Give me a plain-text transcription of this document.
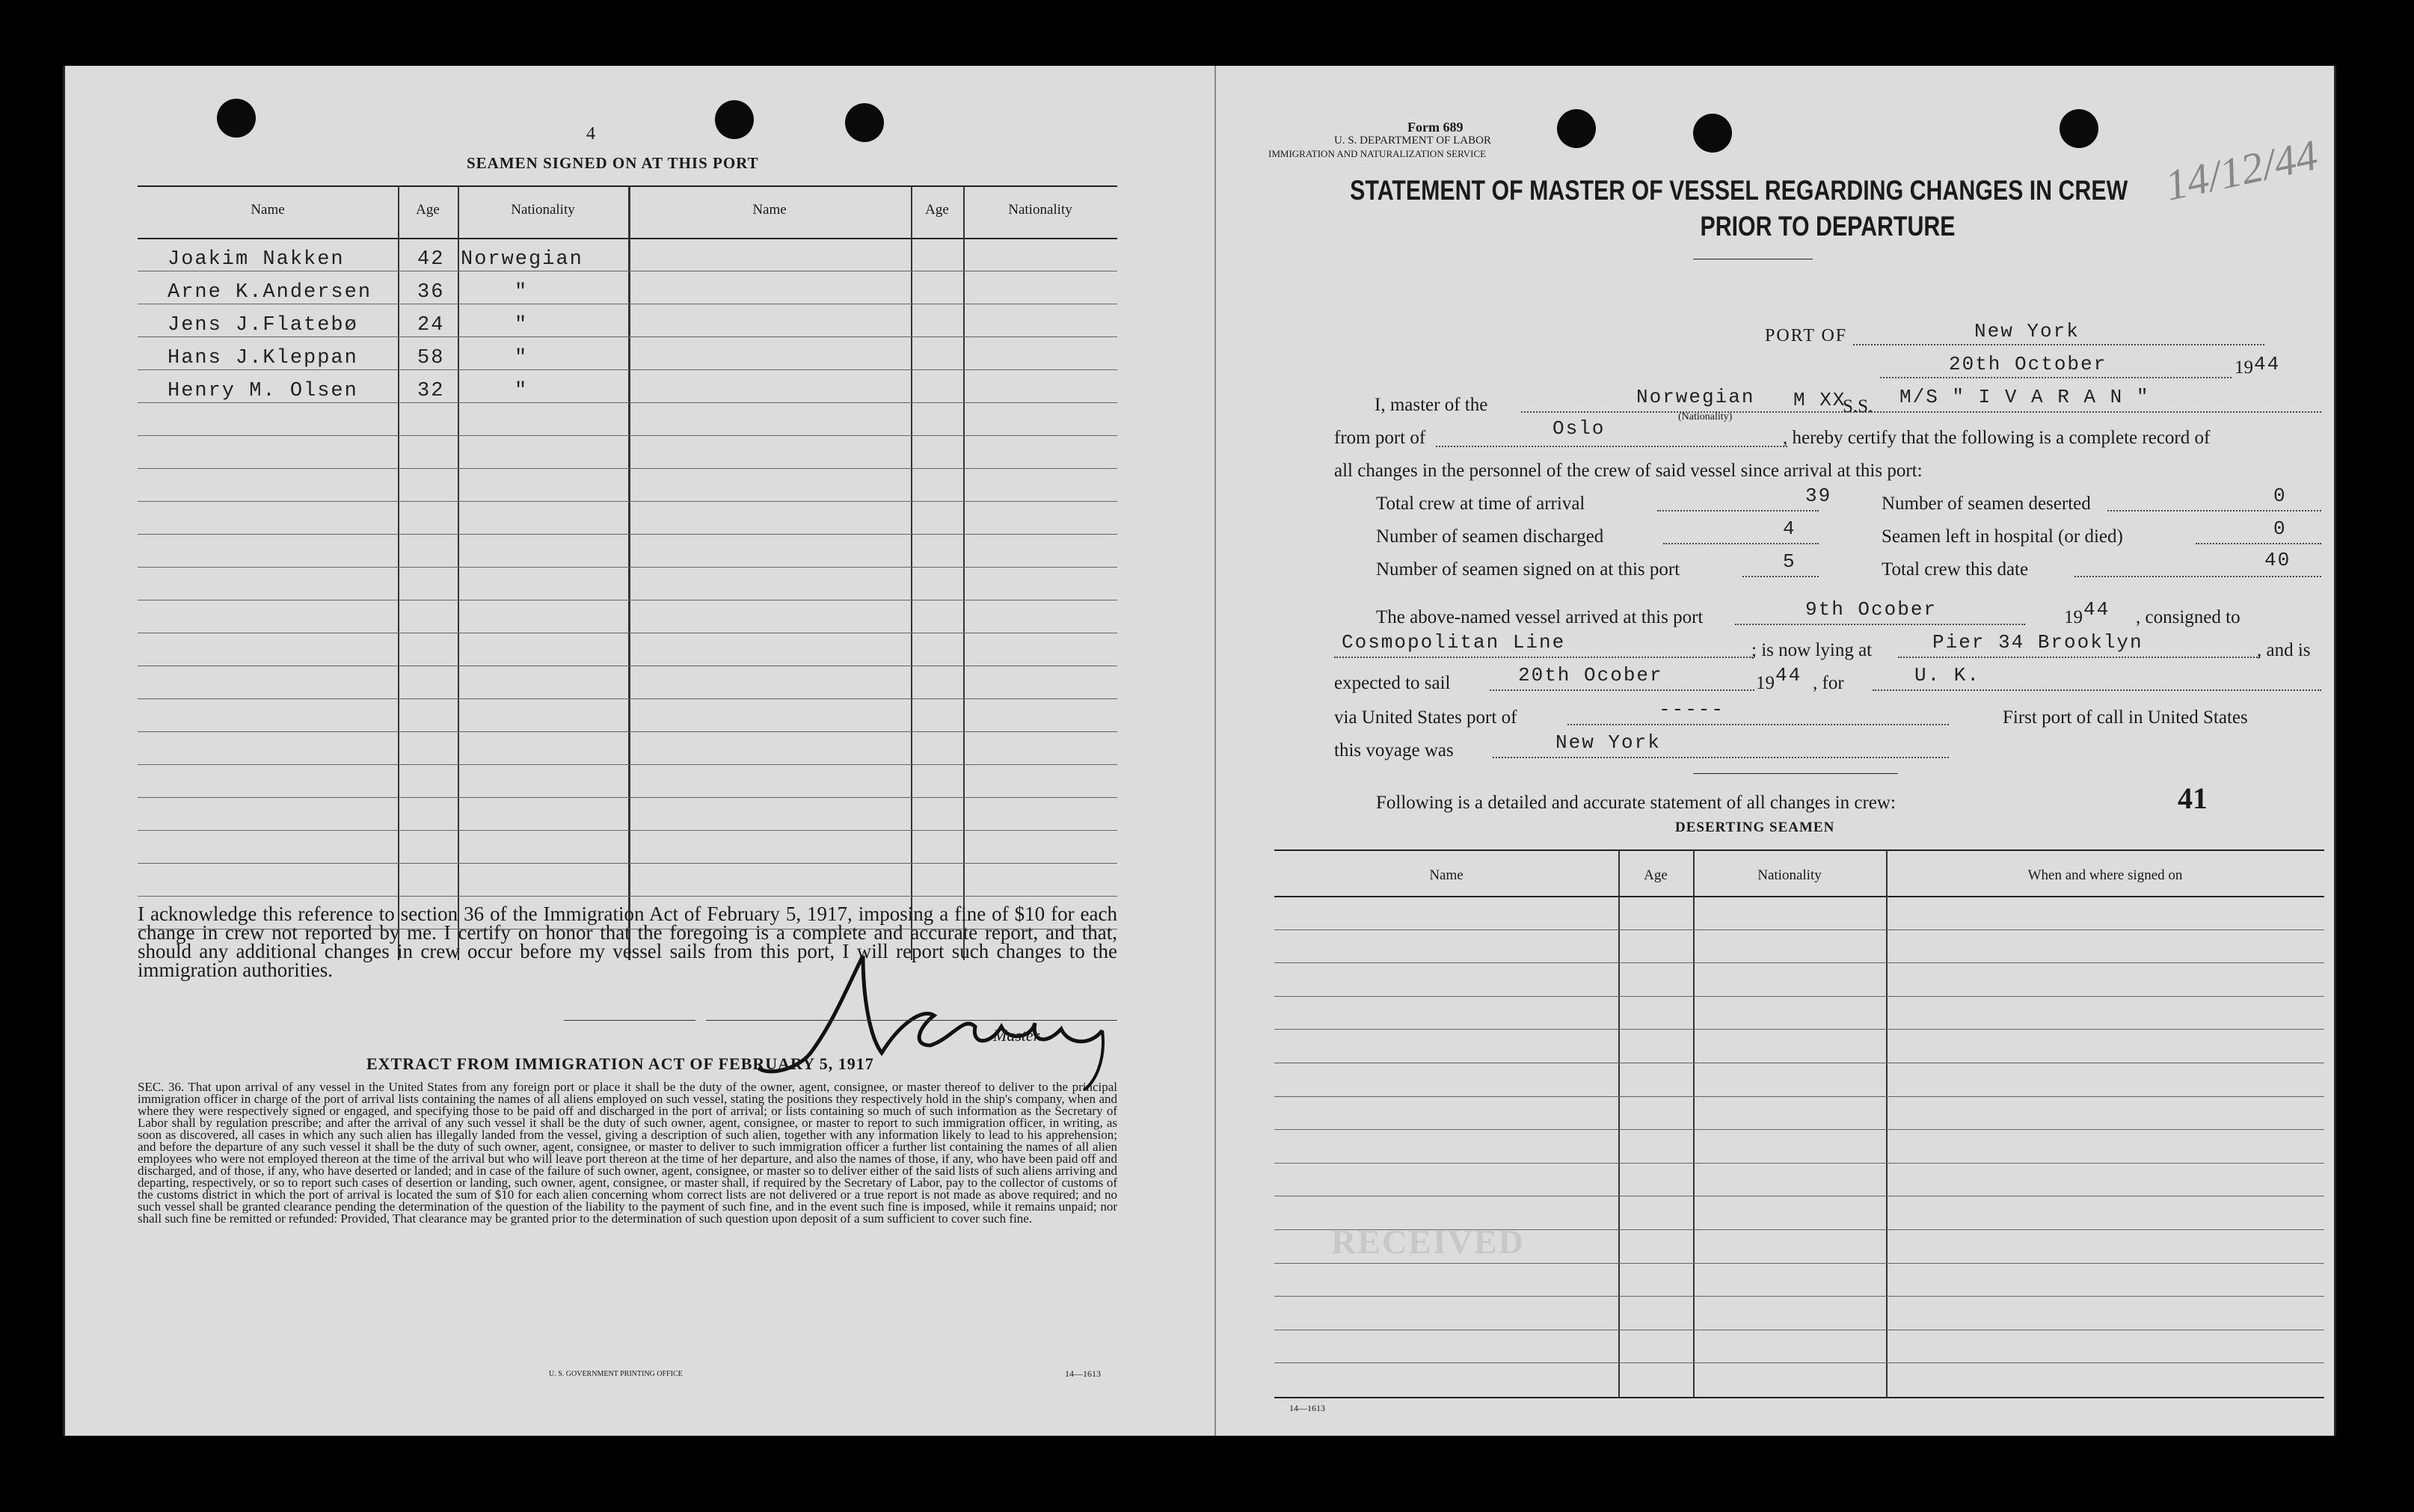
4
SEAMEN SIGNED ON AT THIS PORT
Name	Age	Nationality	Name	Age	Nationality
Joakim Nakken	42 Norwegian
Arne K.Andersen 36	"
Jens J.Flatebø	24	"
Hans J.Kleppan	58	"
Henry M. Olsen	32	"
I acknowledge this reference to section 36 of the Immigration Act of February 5, 1917, imposing a fine of $10 for each change in crew not reported by me. I certify on honor that the foregoing is a complete and accurate report, and that, should any additional changes in crew occur before my vessel sails from this port, I will report such changes to the immigration authorities.
Master.
EXTRACT FROM IMMIGRATION ACT OF FEBRUARY 5, 1917
SEC. 36. That upon arrival of any vessel in the United States from any foreign port or place it shall be the duty of the owner, agent, consignee, or master thereof to deliver to the principal immigration officer in charge of the port of arrival lists containing the names of all aliens employed on such vessel, stating the positions they respectively hold in the ship's company, when and where they were respectively signed or engaged, and specifying those to be paid off and discharged in the port of arrival; or lists containing so much of such information as the Secretary of Labor shall by regulation prescribe; and after the arrival of any such vessel it shall be the duty of such owner, agent, consignee, or master to report to such immigration officer, in writing, as soon as discovered, all cases in which any such alien has illegally landed from the vessel, giving a description of such alien, together with any information likely to lead to his apprehension; and before the departure of any such vessel it shall be the duty of such owner, agent, consignee, or master to deliver to such immigration officer a further list containing the names of all alien employees who were not employed thereon at the time of the arrival but who will leave port thereon at the time of her departure, and also the names of those, if any, who have been paid off and discharged, and of those, if any, who have deserted or landed; and in case of the failure of such owner, agent, consignee, or master so to deliver either of the said lists of such aliens arriving and departing, respectively, or so to report such cases of desertion or landing, such owner, agent, consignee, or master shall, if required by the Secretary of Labor, pay to the collector of customs of the customs district in which the port of arrival is located the sum of $10 for each alien concerning whom correct lists are not delivered or a true report is not made as above required; and no such vessel shall be granted clearance pending the determination of the question of the liability to the payment of such fine, and in the event such fine is imposed, while it remains unpaid; nor shall such fine be remitted or refunded: Provided, That clearance may be granted prior to the determination of such question upon deposit of a sum sufficient to cover such fine.
U. S. GOVERNMENT PRINTING OFFICE	14—1613
Form 689
U. S. DEPARTMENT OF LABOR
IMMIGRATION AND NATURALIZATION SERVICE	14/12/44
STATEMENT OF MASTER OF VESSEL REGARDING CHANGES IN CREW
PRIOR TO DEPARTURE
PORT OF	New York
20th October	19 44
I, master of the	Norwegian
(Nationality)
M XX
S.S. M/S " I V A R A N "
from port of	Oslo	, hereby certify that the following is a complete record of
all changes in the personnel of the crew of said vessel since arrival at this port:
Total crew at time of arrival	39
Number of seamen discharged	4
Number of seamen signed on at this port	5
Number of seamen deserted	0
Seamen left in hospital (or died)	0
Total crew this date	40
The above-named vessel arrived at this port	9th Ocober	19 44 , consigned to
Cosmopolitan Line	; is now lying at	Pier 34 Brooklyn	, and is
expected to sail	20th Ocober	19 44 , for	U. K.
via United States port of	-----	First port of call in United States
this voyage was	New York
Following is a detailed and accurate statement of all changes in crew:	41
DESERTING SEAMEN
Name	Age	Nationality	When and where signed on
RECEIVED
14—1613
